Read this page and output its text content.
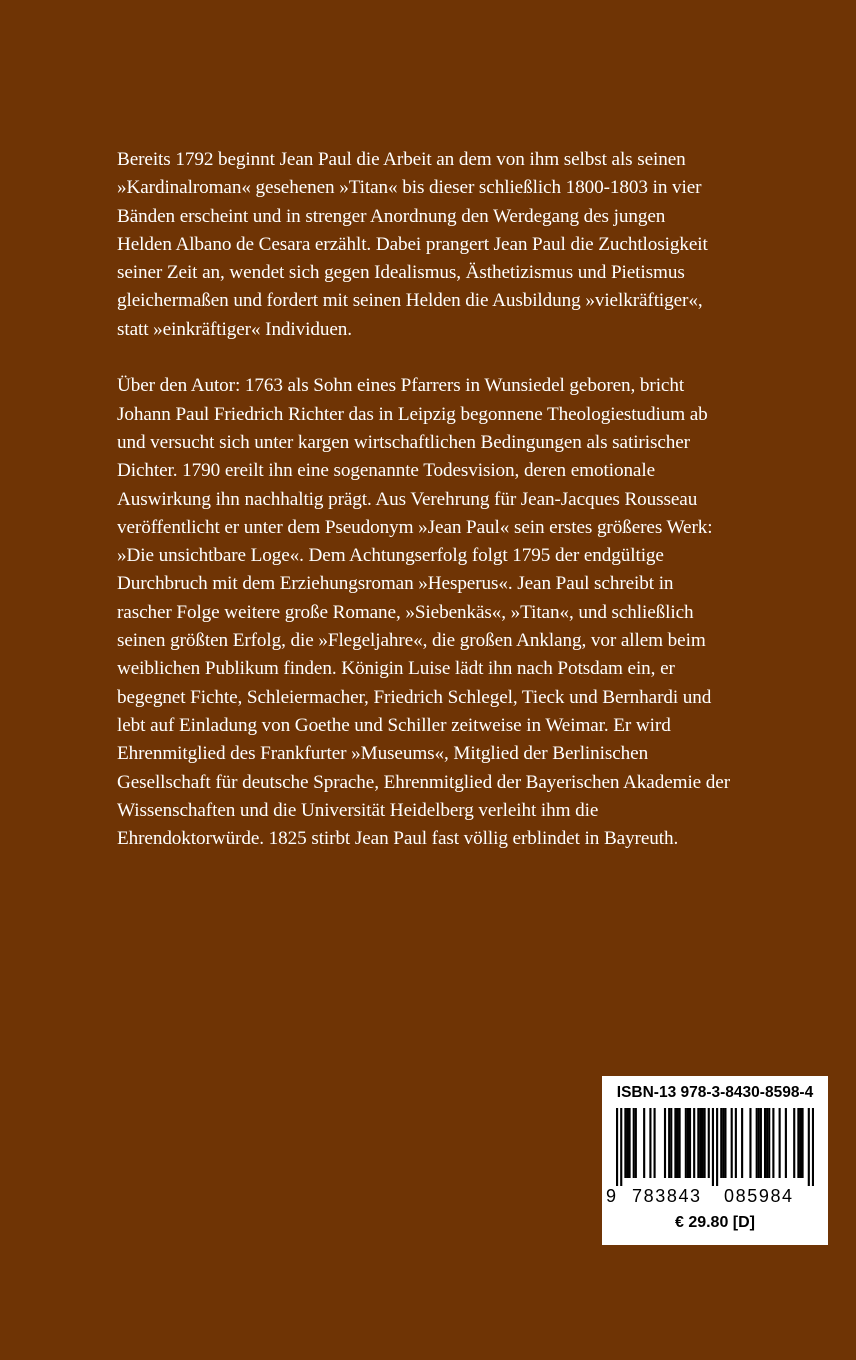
Bereits 1792 beginnt Jean Paul die Arbeit an dem von ihm selbst als seinen
»Kardinalroman« gesehenen »Titan« bis dieser schließlich 1800-1803 in vier
Bänden erscheint und in strenger Anordnung den Werdegang des jungen
Helden Albano de Cesara erzählt. Dabei prangert Jean Paul die Zuchtlosigkeit
seiner Zeit an, wendet sich gegen Idealismus, Ästhetizismus und Pietismus
gleichermaßen und fordert mit seinen Helden die Ausbildung »vielkräftiger«,
statt »einkräftiger« Individuen.

Über den Autor: 1763 als Sohn eines Pfarrers in Wunsiedel geboren, bricht
Johann Paul Friedrich Richter das in Leipzig begonnene Theologiestudium ab
und versucht sich unter kargen wirtschaftlichen Bedingungen als satirischer
Dichter. 1790 ereilt ihn eine sogenannte Todesvision, deren emotionale
Auswirkung ihn nachhaltig prägt. Aus Verehrung für Jean-Jacques Rousseau
veröffentlicht er unter dem Pseudonym »Jean Paul« sein erstes größeres Werk:
»Die unsichtbare Loge«. Dem Achtungserfolg folgt 1795 der endgültige
Durchbruch mit dem Erziehungsroman »Hesperus«. Jean Paul schreibt in
rascher Folge weitere große Romane, »Siebenkäs«, »Titan«, und schließlich
seinen größten Erfolg, die »Flegeljahre«, die großen Anklang, vor allem beim
weiblichen Publikum finden. Königin Luise lädt ihn nach Potsdam ein, er
begegnet Fichte, Schleiermacher, Friedrich Schlegel, Tieck und Bernhardi und
lebt auf Einladung von Goethe und Schiller zeitweise in Weimar. Er wird
Ehrenmitglied des Frankfurter »Museums«, Mitglied der Berlinischen
Gesellschaft für deutsche Sprache, Ehrenmitglied der Bayerischen Akademie der
Wissenschaften und die Universität Heidelberg verleiht ihm die
Ehrendoktorwürde. 1825 stirbt Jean Paul fast völlig erblindet in Bayreuth.

ISBN-13 978-3-8430-8598-4
9 783843 085984
€ 29.80 [D]
